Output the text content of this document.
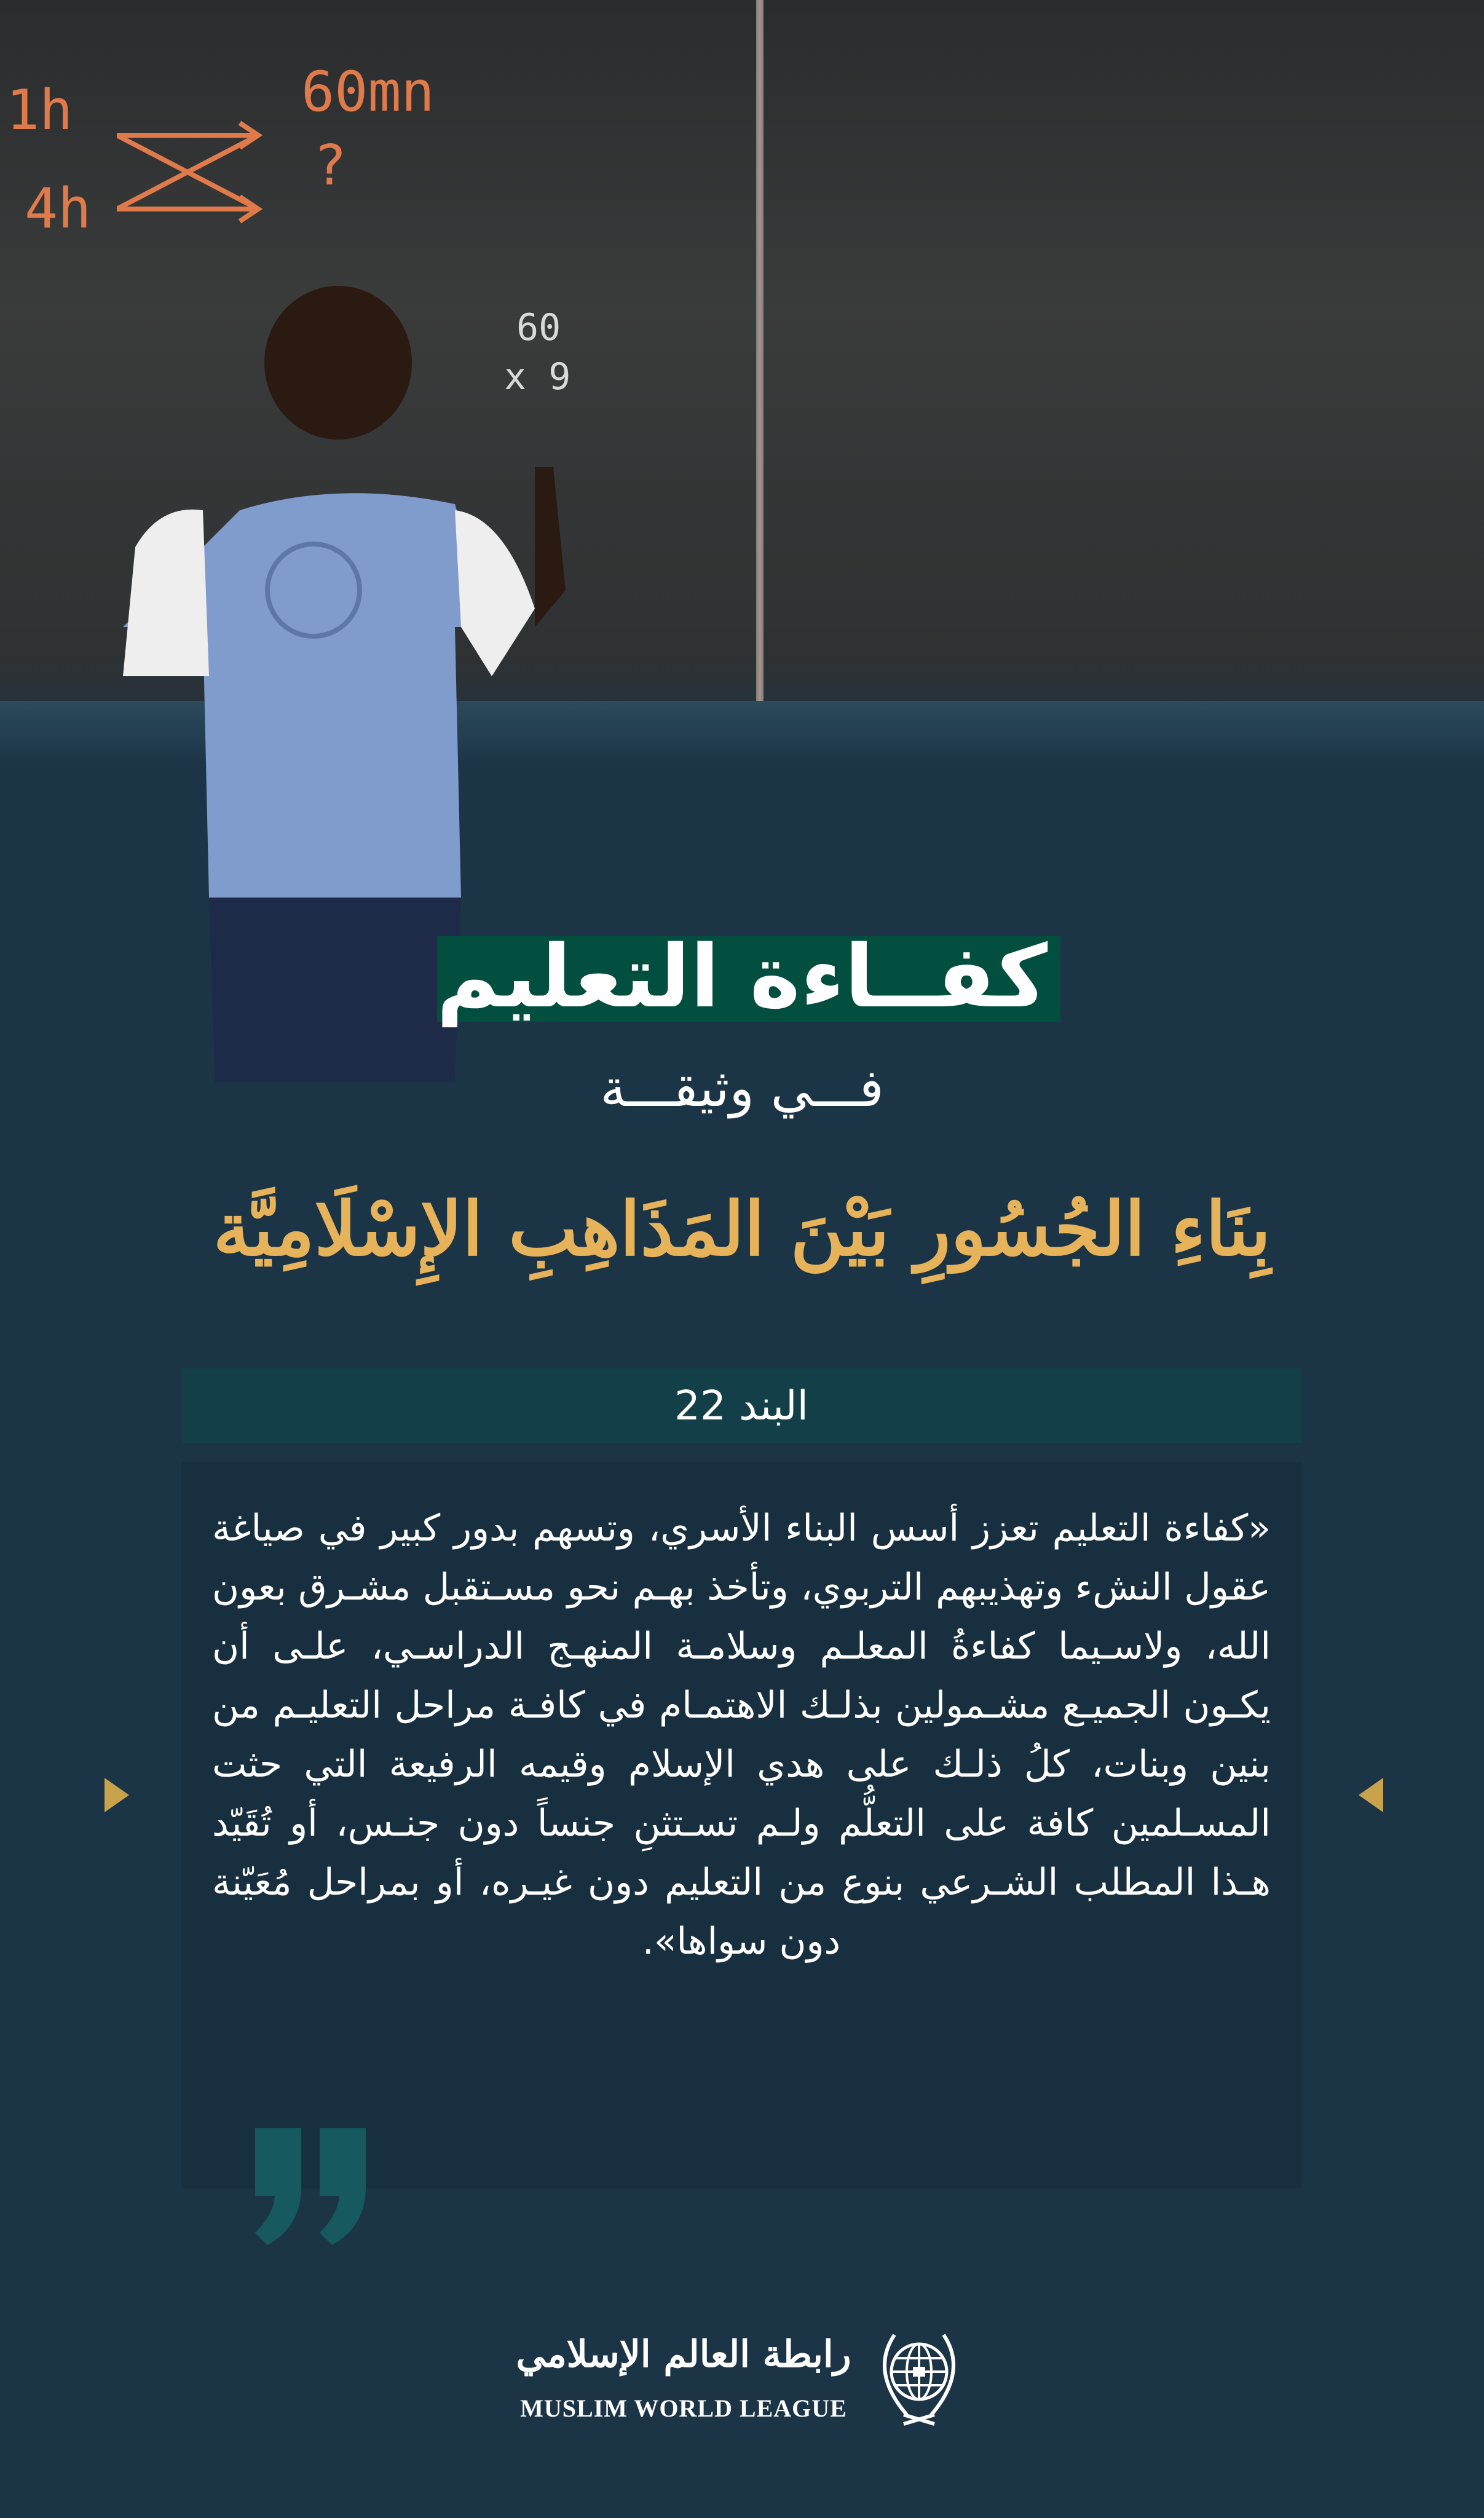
1h
4h
60mn
?
60
x 9
كفــاءة التعليم
فـــي وثيقـــة
بِنَاءِ الجُسُورِ بَيْنَ المَذَاهِبِ الإِسْلَامِيَّة
البند 22
«كفاءة التعليم تعزز أسس البناء الأسري، وتسهم بدور كبير في صياغة عقول النشء وتهذيبهم التربوي، وتأخذ بهـم نحو مسـتقبل مشـرق بعون الله، ولاسـيما كفاءةُ المعلـم وسلامـة المنهـج الدراسـي، علـى أن يكـون الجميـع مشـمولين بذلـك الاهتمـام في كافـة مراحل التعليـم من بنين وبنات، كلُ ذلـك على هدي الإسلام وقيمه الرفيعة التي حثت المسـلمين كافة على التعلُّم ولـم تسـتثنِ جنساً دون جنـس، أو تُقَيّد هـذا المطلب الشـرعي بنوع من التعليم دون غيـره، أو بمراحل مُعَيّنة دون سواها».
رابطة العالم الإسلامي
MUSLIM WORLD LEAGUE
